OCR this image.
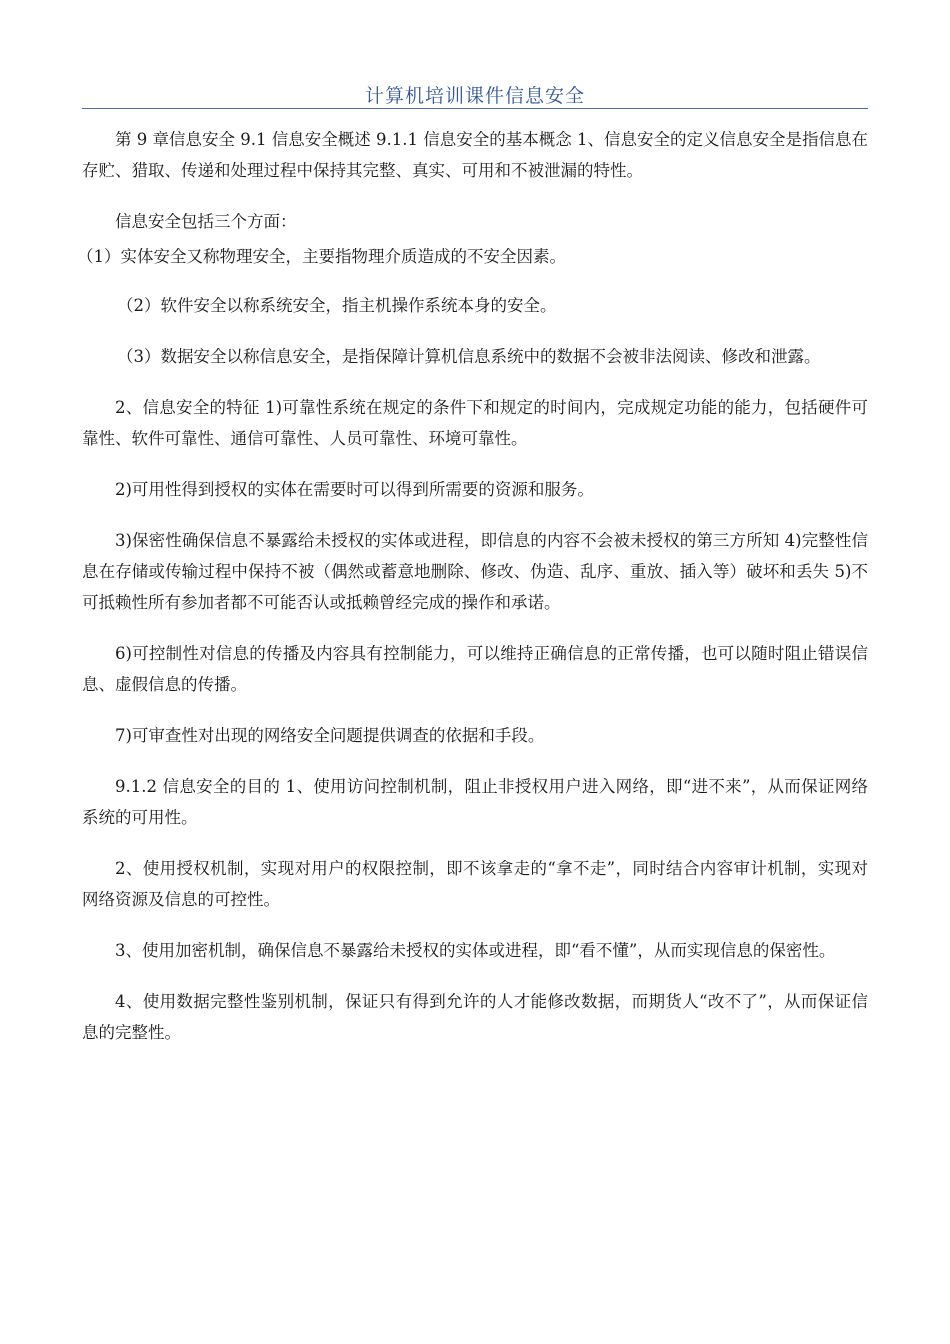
计算机培训课件信息安全

第 9 章信息安全 9.1 信息安全概述 9.1.1 信息安全的基本概念 1、信息安全的定义信息安全是指信息在存贮、猎取、传递和处理过程中保持其完整、真实、可用和不被泄漏的特性。

信息安全包括三个方面：

（1）实体安全又称物理安全，主要指物理介质造成的不安全因素。

（2）软件安全以称系统安全，指主机操作系统本身的安全。

（3）数据安全以称信息安全，是指保障计算机信息系统中的数据不会被非法阅读、修改和泄露。

2、信息安全的特征 1)可靠性系统在规定的条件下和规定的时间内，完成规定功能的能力，包括硬件可靠性、软件可靠性、通信可靠性、人员可靠性、环境可靠性。

2)可用性得到授权的实体在需要时可以得到所需要的资源和服务。

3)保密性确保信息不暴露给未授权的实体或进程，即信息的内容不会被未授权的第三方所知 4)完整性信息在存储或传输过程中保持不被（偶然或蓄意地删除、修改、伪造、乱序、重放、插入等）破坏和丢失 5)不可抵赖性所有参加者都不可能否认或抵赖曾经完成的操作和承诺。

6)可控制性对信息的传播及内容具有控制能力，可以维持正确信息的正常传播，也可以随时阻止错误信息、虚假信息的传播。

7)可审查性对出现的网络安全问题提供调查的依据和手段。

9.1.2 信息安全的目的 1、使用访问控制机制，阻止非授权用户进入网络，即“进不来”，从而保证网络系统的可用性。

2、使用授权机制，实现对用户的权限控制，即不该拿走的“拿不走”，同时结合内容审计机制，实现对网络资源及信息的可控性。

3、使用加密机制，确保信息不暴露给未授权的实体或进程，即“看不懂”，从而实现信息的保密性。

4、使用数据完整性鉴别机制，保证只有得到允许的人才能修改数据，而期货人“改不了”，从而保证信息的完整性。
